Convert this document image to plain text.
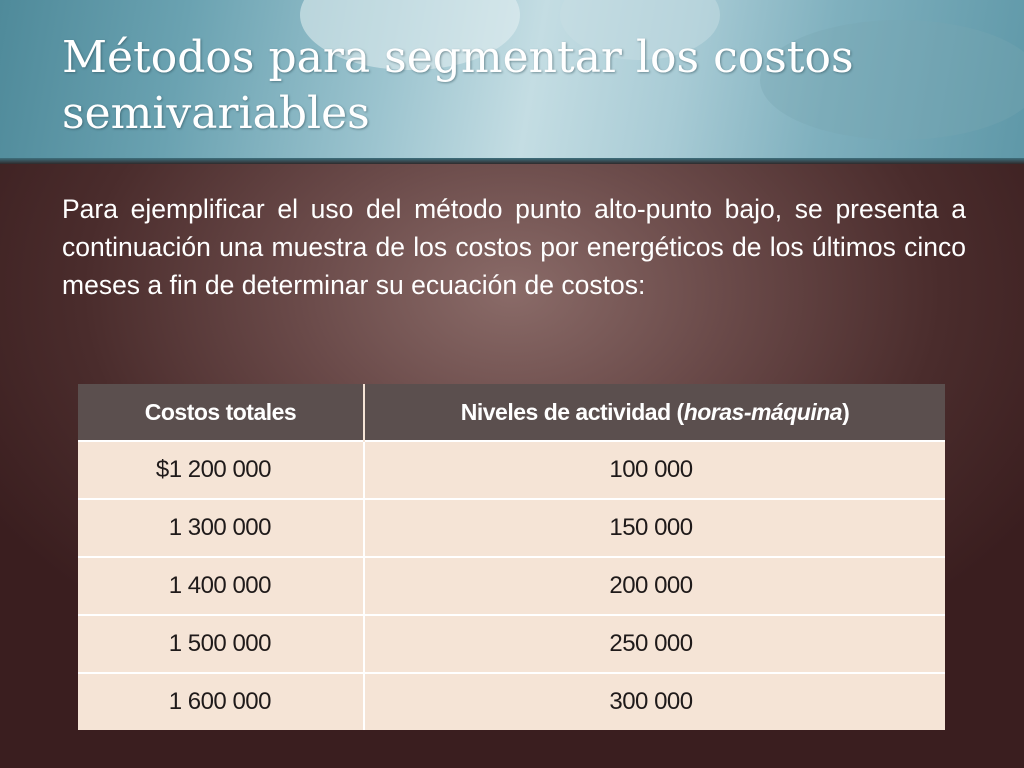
Métodos para segmentar los costos semivariables

Para ejemplificar el uso del método punto alto-punto bajo, se presenta a continuación una muestra de los costos por energéticos de los últimos cinco meses a fin de determinar su ecuación de costos:

Costos totales	Niveles de actividad (horas-máquina)
$1 200 000	100 000
1 300 000	150 000
1 400 000	200 000
1 500 000	250 000
1 600 000	300 000
